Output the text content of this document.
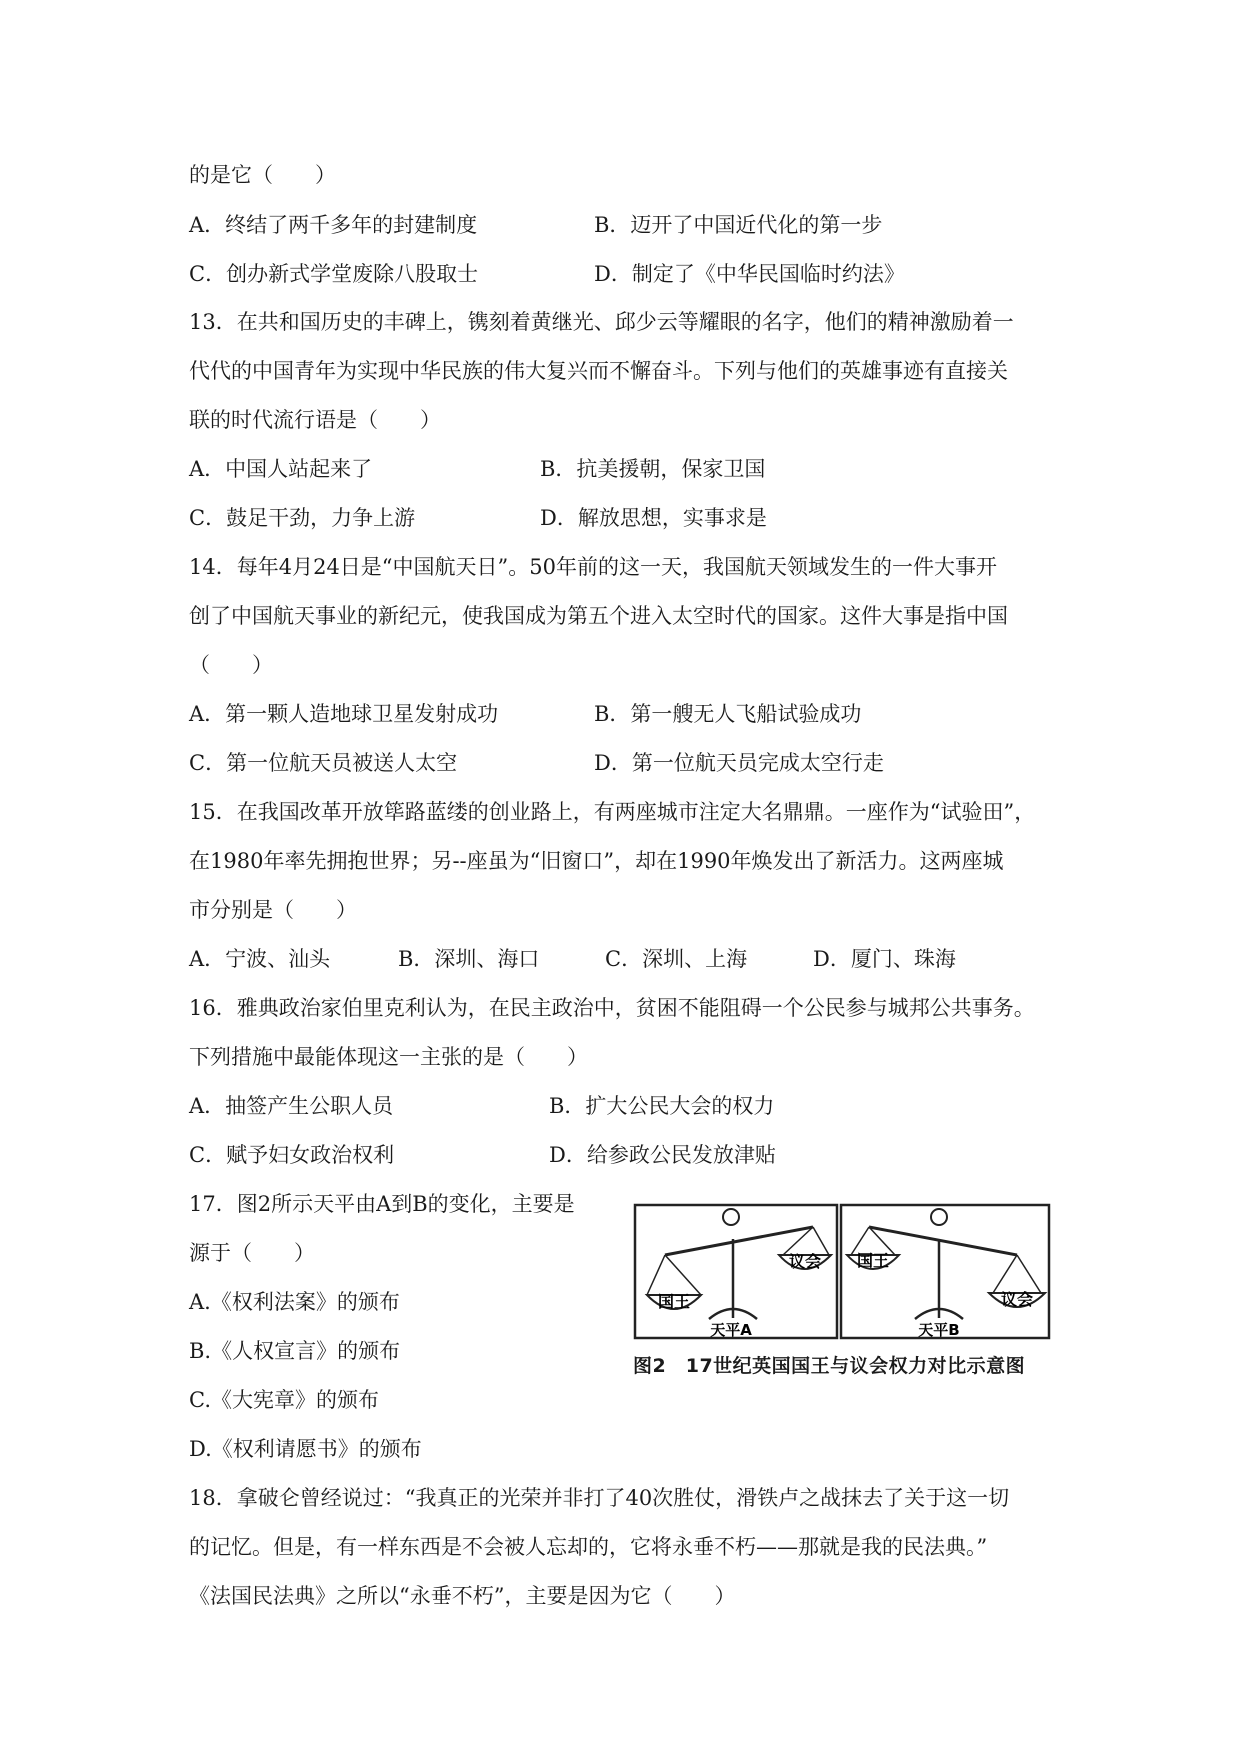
的是它（　　）
A．终结了两千多年的封建制度	B．迈开了中国近代化的第一步
C．创办新式学堂废除八股取士	D．制定了《中华民国临时约法》
13．在共和国历史的丰碑上，镌刻着黄继光、邱少云等耀眼的名字，他们的精神激励着一
代代的中国青年为实现中华民族的伟大复兴而不懈奋斗。下列与他们的英雄事迹有直接关
联的时代流行语是（　　）
A．中国人站起来了	B．抗美援朝，保家卫国
C．鼓足干劲，力争上游	D．解放思想，实事求是
14．每年4月24日是“中国航天日”。50年前的这一天，我国航天领域发生的一件大事开
创了中国航天事业的新纪元，使我国成为第五个进入太空时代的国家。这件大事是指中国
（　　）
A．第一颗人造地球卫星发射成功	B．第一艘无人飞船试验成功
C．第一位航天员被送人太空	D．第一位航天员完成太空行走
15．在我国改革开放筚路蓝缕的创业路上，有两座城市注定大名鼎鼎。一座作为“试验田”，
在1980年率先拥抱世界；另--座虽为“旧窗口”，却在1990年焕发出了新活力。这两座城
市分别是（　　）
A．宁波、汕头	B．深圳、海口	C．深圳、上海	D．厦门、珠海
16．雅典政治家伯里克利认为，在民主政治中，贫困不能阻碍一个公民参与城邦公共事务。
下列措施中最能体现这一主张的是（　　）
A．抽签产生公职人员	B．扩大公民大会的权力
C．赋予妇女政治权利	D．给参政公民发放津贴
17．图2所示天平由A到B的变化，主要是
源于（　　）
A.《权利法案》的颁布
B.《人权宣言》的颁布
C.《大宪章》的颁布
D.《权利请愿书》的颁布
国王
议会
天平A
国王
议会
天平B
图2　17世纪英国国王与议会权力对比示意图
18．拿破仑曾经说过：“我真正的光荣并非打了40次胜仗，滑铁卢之战抹去了关于这一切
的记忆。但是，有一样东西是不会被人忘却的，它将永垂不朽——那就是我的民法典。”
《法国民法典》之所以“永垂不朽”，主要是因为它（　　）
